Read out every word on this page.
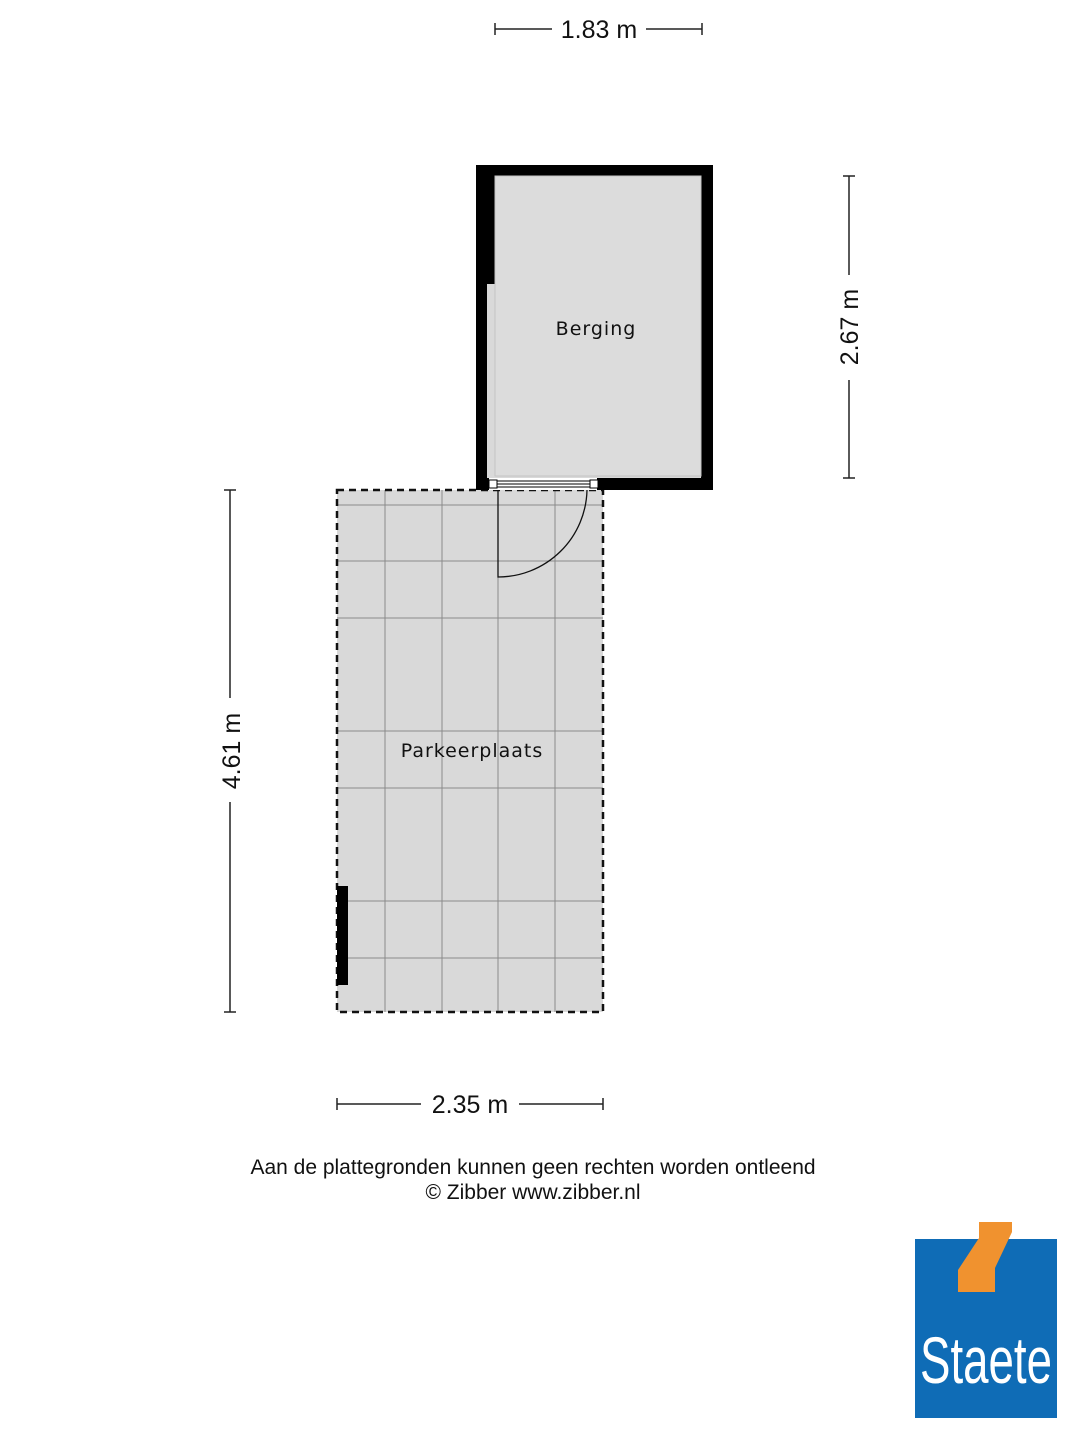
1.83 m
2.67 m
4.61 m
2.35 m
Parkeerplaats
Berging
Aan de plattegronden kunnen geen rechten worden ontleend
© Zibber www.zibber.nl
Staete
